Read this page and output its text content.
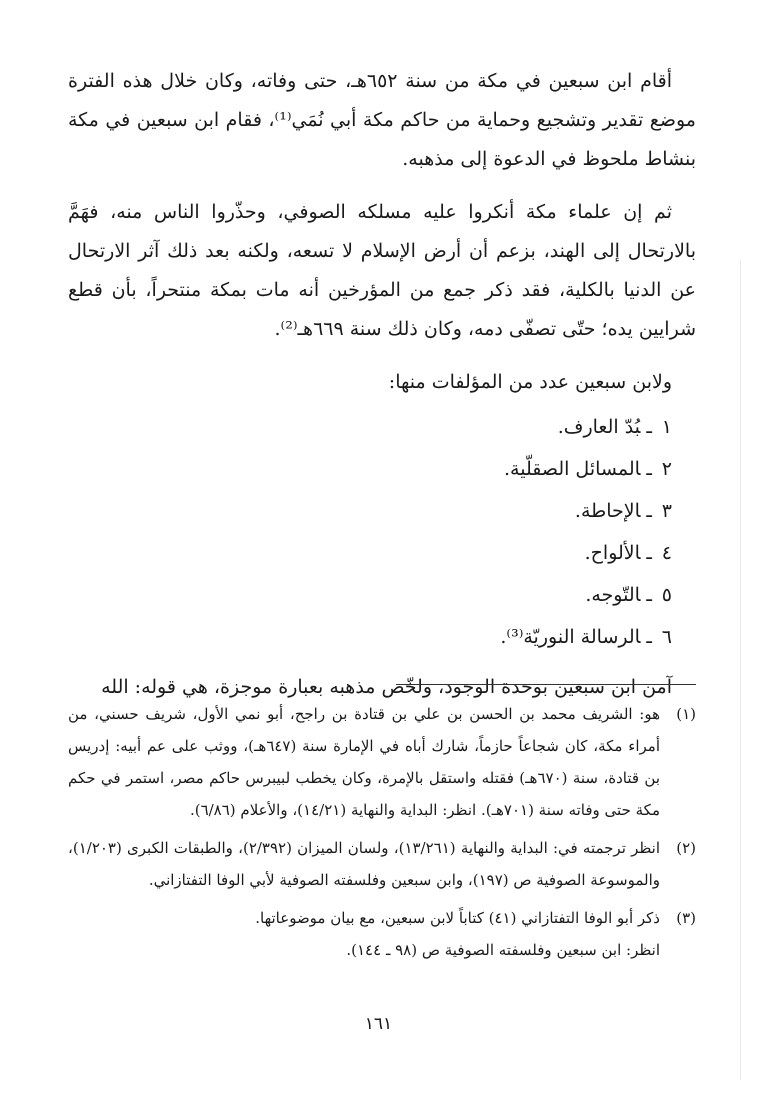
أقام ابن سبعين في مكة من سنة ٦٥٢هـ، حتى وفاته، وكان خلال هذه الفترة موضع تقدير وتشجيع وحماية من حاكم مكة أبي نُمَي⁽¹⁾، فقام ابن سبعين في مكة بنشاط ملحوظ في الدعوة إلى مذهبه.

ثم إن علماء مكة أنكروا عليه مسلكه الصوفي، وحذّروا الناس منه، فهَمَّ بالارتحال إلى الهند، بزعم أن أرض الإسلام لا تسعه، ولكنه بعد ذلك آثر الارتحال عن الدنيا بالكلية، فقد ذكر جمع من المؤرخين أنه مات بمكة منتحراً، بأن قطع شرايين يده؛ حتّى تصفّى دمه، وكان ذلك سنة ٦٦٩هـ⁽²⁾.

ولابن سبعين عدد من المؤلفات منها:

١ـبُدّ العارف.
٢ـالمسائل الصقلّية.
٣ـالإحاطة.
٤ـالألواح.
٥ـالتّوجه.
٦ـالرسالة النوريّة⁽³⁾.

آمن ابن سبعين بوحدة الوجود، ولخّص مذهبه بعبارة موجزة، هي قوله: الله

(١)
هو: الشريف محمد بن الحسن بن علي بن قتادة بن راجح، أبو نمي الأول، شريف حسني، من أمراء مكة، كان شجاعاً حازماً، شارك أباه في الإمارة سنة (٦٤٧هـ)، ووثب على عم أبيه: إدريس بن قتادة، سنة (٦٧٠هـ) فقتله واستقل بالإمرة، وكان يخطب لبيبرس حاكم مصر، استمر في حكم مكة حتى وفاته سنة (٧٠١هـ). انظر: البداية والنهاية (١٤/٢١)، والأعلام (٦/٨٦).
(٢)
انظر ترجمته في: البداية والنهاية (١٣/٢٦١)، ولسان الميزان (٢/٣٩٢)، والطبقات الكبرى (١/٢٠٣)، والموسوعة الصوفية ص (١٩٧)، وابن سبعين وفلسفته الصوفية لأبي الوفا التفتازاني.
(٣)
ذكر أبو الوفا التفتازاني (٤١) كتاباً لابن سبعين، مع بيان موضوعاتها.
انظر: ابن سبعين وفلسفته الصوفية ص (٩٨ ـ ١٤٤).
١٦١
